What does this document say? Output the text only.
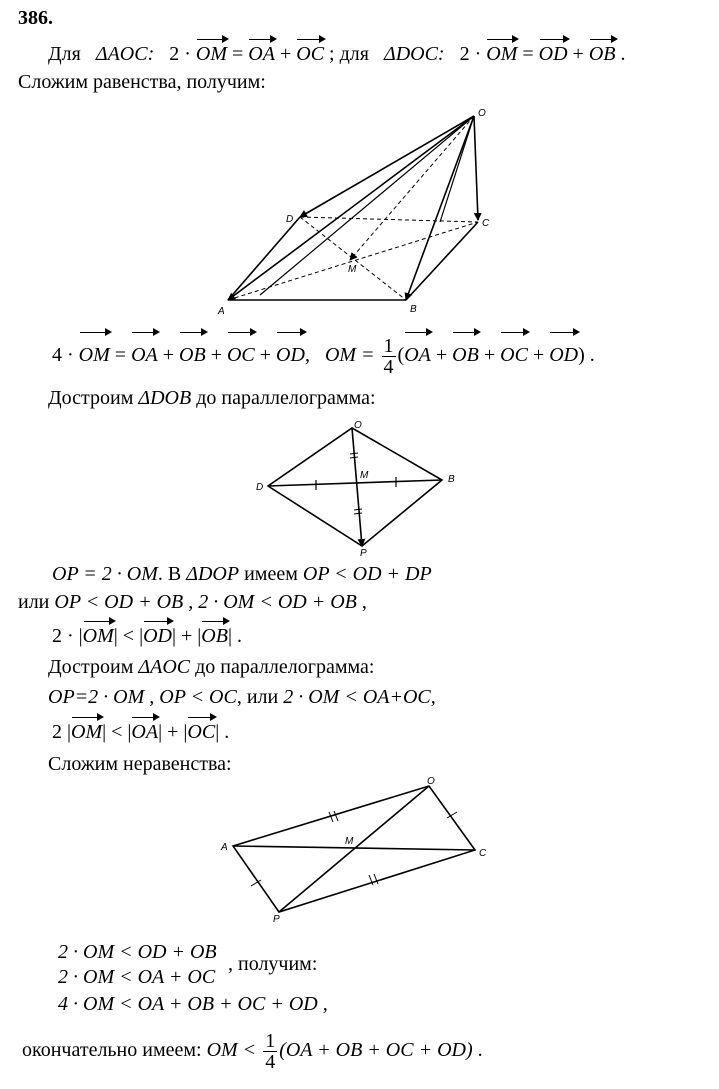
386.
Для ΔAOC: 2 · OM = OA + OC ; для ΔDOC: 2 · OM = OD + OB .
Сложим равенства, получим:
O
D	C
M
A	B
4 · OM = OA + OB + OC + OD, OM = $\frac{1}{4} (OA$ + OB + OC + OD) .
Достроим ΔDOB до параллелограмма:
O
D
M	B
P
OP = 2 · OM. В ΔDOP имеем OP < OD + DP
или OP < OD + OB , 2 · OM < OD + OB ,
2 · |OM| < |OD| + |OB| .
Достроим ΔAOC до параллелограмма:
OP=2 · OM , OP < OC, или 2 · OM < OA+OC,
2 |OM| < |OA| + |OC| .
Сложим неравенства:
O
A
M
C
P
2 · OM < OD + OB
2 · OM < OA + OC
, получим:
4 · OM < OA + OB + OC + OD ,
окончательно имеем: OM < $\frac{1}{4} (OA$ + OB + OC + OD) .
